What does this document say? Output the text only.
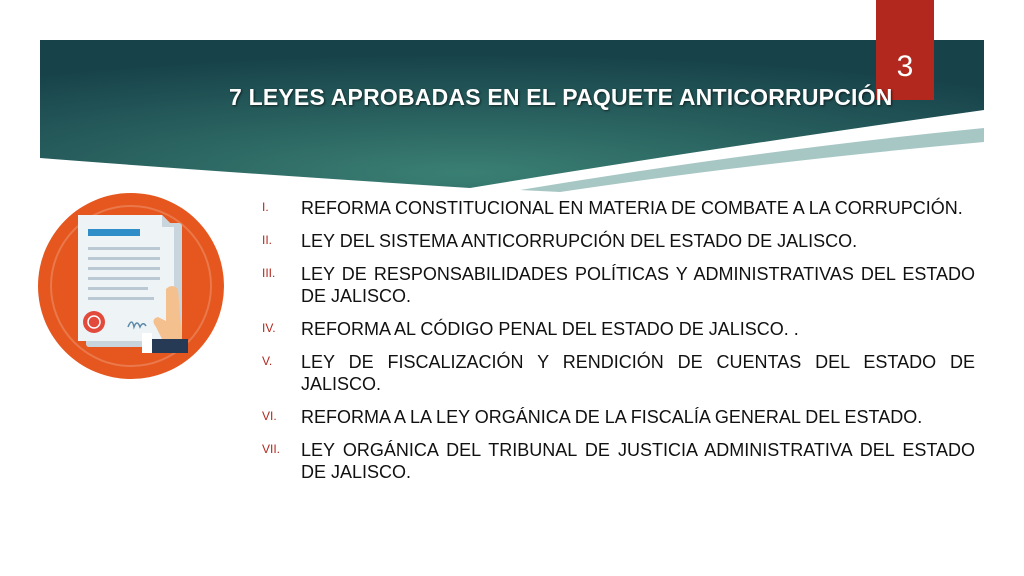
3
7 LEYES APROBADAS EN EL PAQUETE ANTICORRUPCIÓN
I.	REFORMA CONSTITUCIONAL EN MATERIA DE COMBATE A LA CORRUPCIÓN.
II.	LEY DEL SISTEMA ANTICORRUPCIÓN DEL ESTADO DE JALISCO.
III.	LEY DE RESPONSABILIDADES POLÍTICAS Y ADMINISTRATIVAS DEL ESTADO DE JALISCO.
IV.	REFORMA AL CÓDIGO PENAL DEL ESTADO DE JALISCO. .
V.	LEY DE FISCALIZACIÓN Y RENDICIÓN DE CUENTAS DEL ESTADO DE JALISCO.
VI.	REFORMA A LA LEY ORGÁNICA DE LA FISCALÍA GENERAL DEL ESTADO.
VII.	LEY ORGÁNICA DEL TRIBUNAL DE JUSTICIA ADMINISTRATIVA DEL ESTADO DE JALISCO.
